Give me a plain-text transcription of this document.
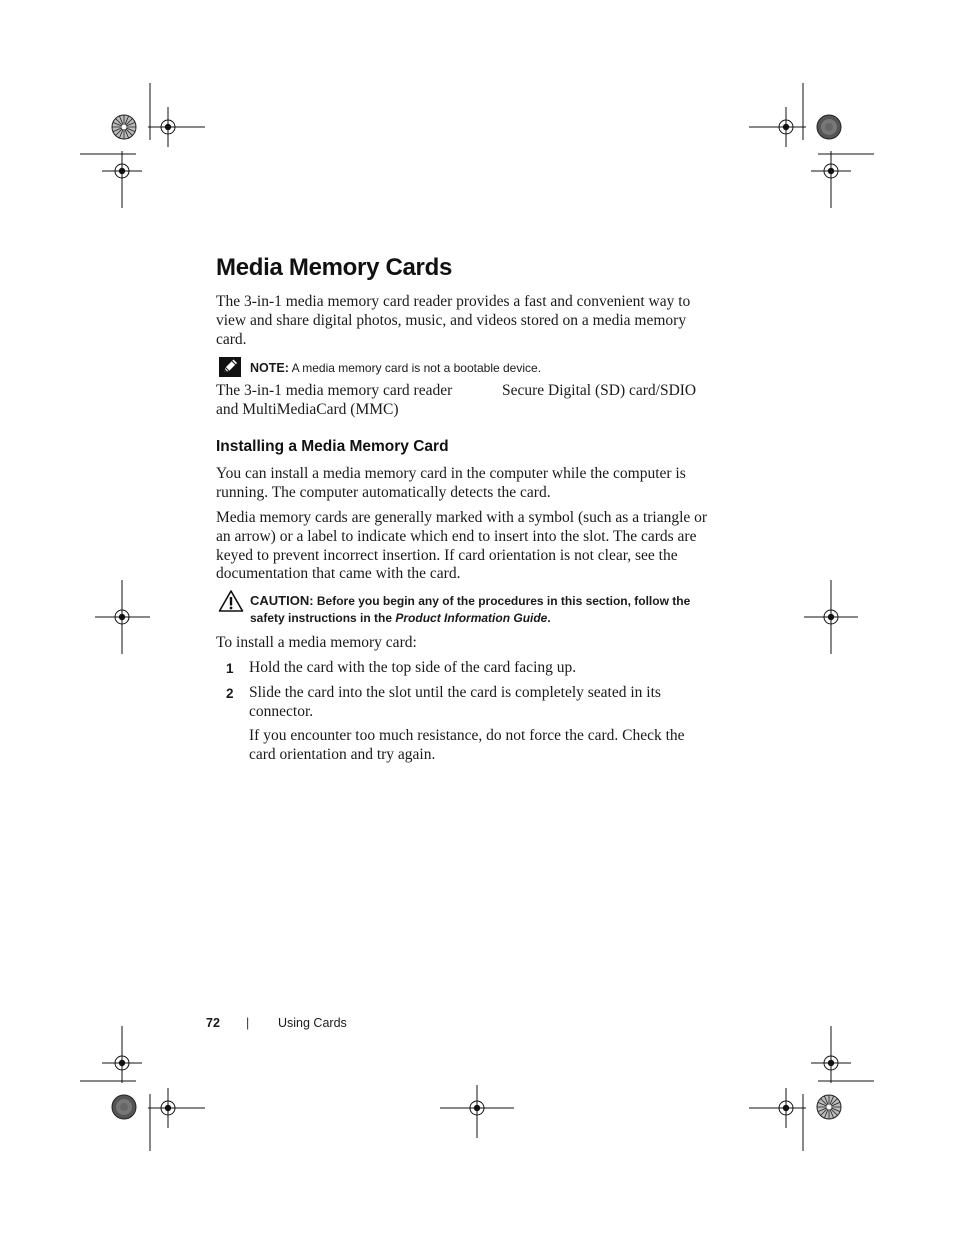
Media Memory Cards

The 3-in-1 media memory card reader provides a fast and convenient way to view and share digital photos, music, and videos stored on a media memory card.

NOTE: A media memory card is not a bootable device.
The 3-in-1 media memory card reader	Secure Digital (SD) card/SDIO
and MultiMediaCard (MMC)
Installing a Media Memory Card

You can install a media memory card in the computer while the computer is running. The computer automatically detects the card.

Media memory cards are generally marked with a symbol (such as a triangle or an arrow) or a label to indicate which end to insert into the slot. The cards are keyed to prevent incorrect insertion. If card orientation is not clear, see the documentation that came with the card.

CAUTION: Before you begin any of the procedures in this section, follow the safety instructions in the Product Information Guide.

To install a media memory card:

1 Hold the card with the top side of the card facing up.

2 Slide the card into the slot until the card is completely seated in its connector.

If you encounter too much resistance, do not force the card. Check the card orientation and try again.

72 | Using Cards
